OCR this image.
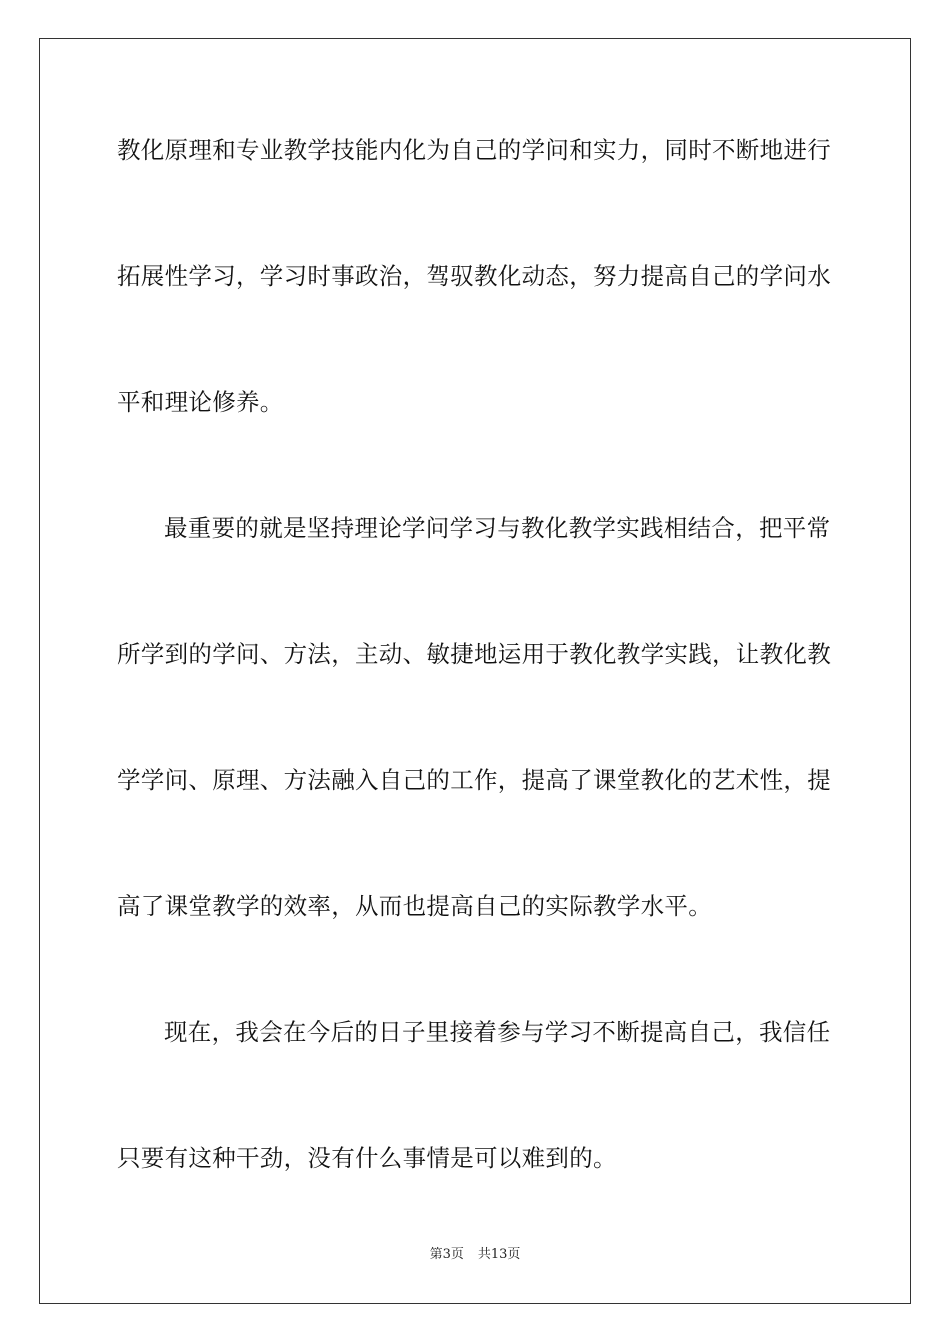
教化原理和专业教学技能内化为自己的学问和实力，同时不断地进行
拓展性学习，学习时事政治，驾驭教化动态，努力提高自己的学问水
平和理论修养。
最重要的就是坚持理论学问学习与教化教学实践相结合，把平常
所学到的学问、方法，主动、敏捷地运用于教化教学实践，让教化教
学学问、原理、方法融入自己的工作，提高了课堂教化的艺术性，提
高了课堂教学的效率，从而也提高自己的实际教学水平。
现在，我会在今后的日子里接着参与学习不断提高自己，我信任
只要有这种干劲，没有什么事情是可以难到的。
第3页 共13页
